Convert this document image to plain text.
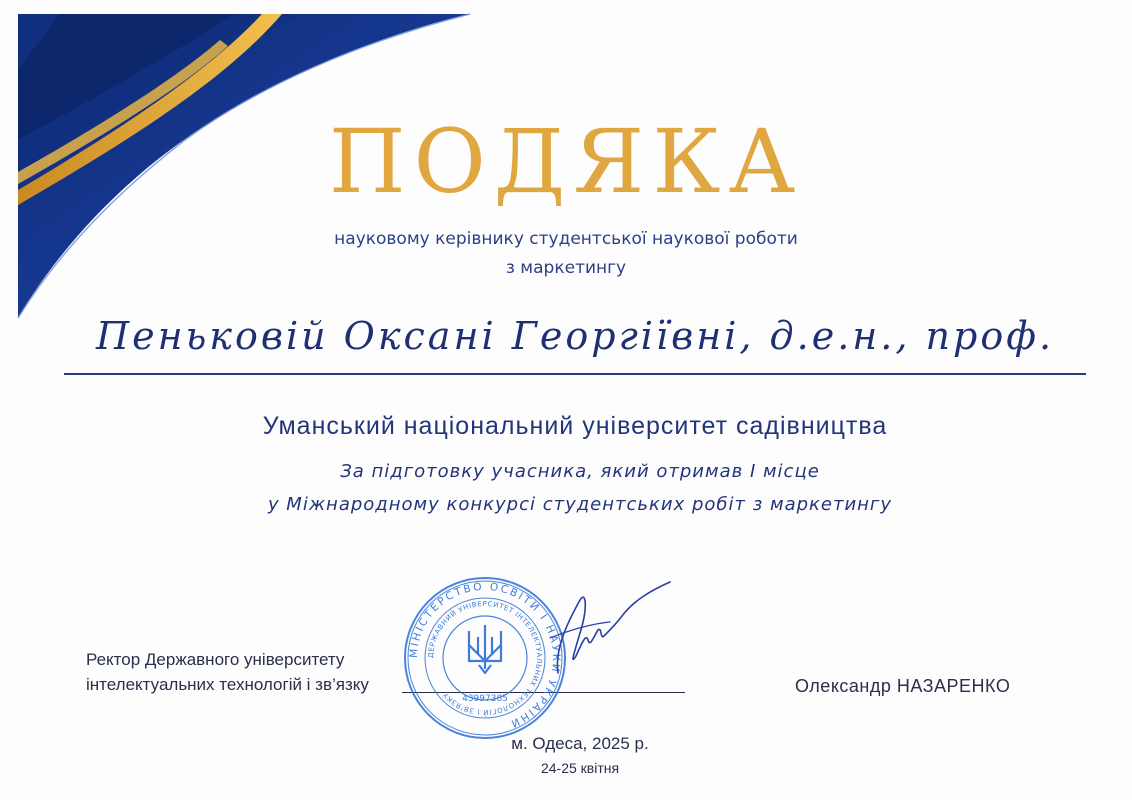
ПОДЯКА
науковому керівнику студентської наукової роботи
з маркетингу
Пеньковій Оксані Георгіївні, д.е.н., проф.
Уманський національний університет садівництва
За підготовку учасника, який отримав І місце
у Міжнародному конкурсі студентських робіт з маркетингу
Ректор Державного університету
інтелектуальних технологій і зв’язку	Олександр НАЗАРЕНКО
МІНІСТЕРСТВО ОСВІТИ І НАУКИ УКРАЇНИ
ДЕРЖАВНИЙ УНІВЕРСИТЕТ ІНТЕЛЕКТУАЛЬНИХ ТЕХНОЛОГІЙ І ЗВ'ЯЗКУ	43997385
м. Одеса, 2025 р.
24-25 квітня
